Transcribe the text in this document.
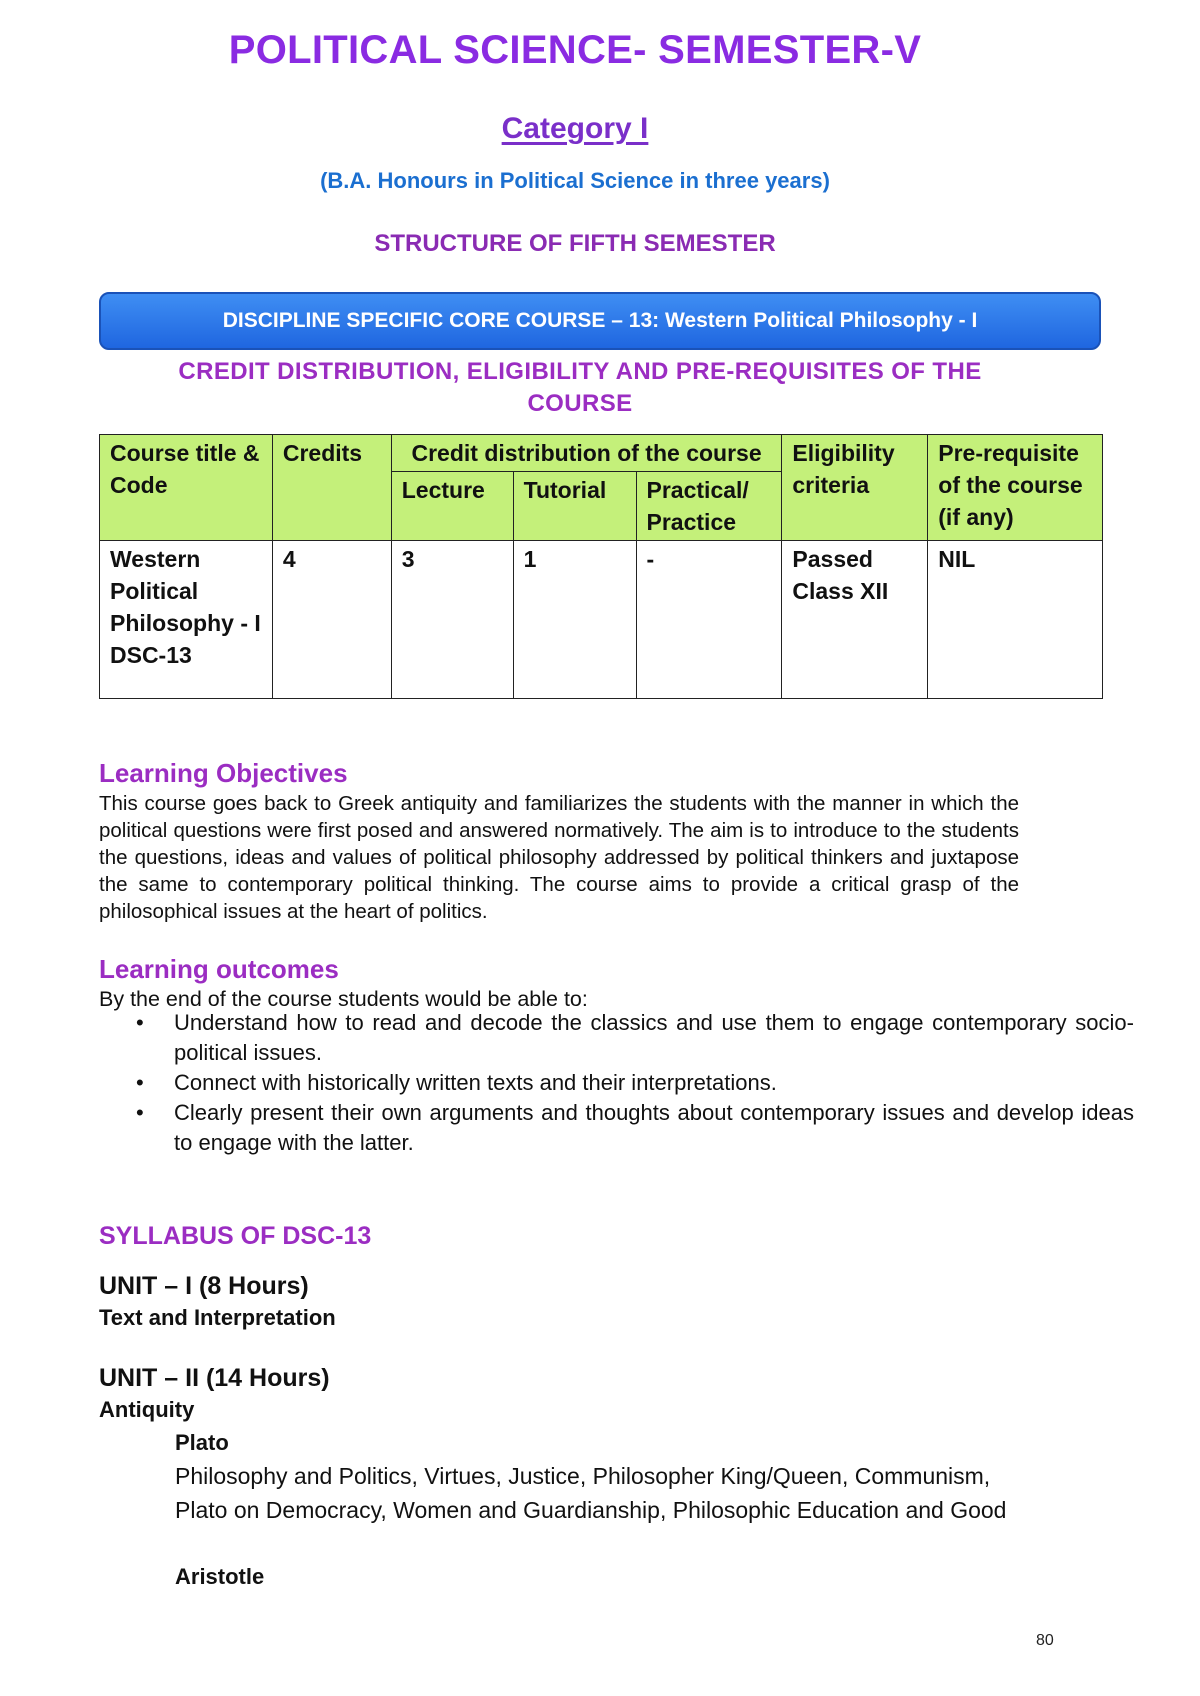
POLITICAL SCIENCE- SEMESTER-V
Category I
(B.A. Honours in Political Science in three years)
STRUCTURE OF FIFTH SEMESTER
DISCIPLINE SPECIFIC CORE COURSE – 13: Western Political Philosophy - I
CREDIT DISTRIBUTION, ELIGIBILITY AND PRE-REQUISITES OF THE
COURSE
Course title & Code	Credits	Credit distribution of the course			Eligibility criteria	Pre-requisite of the course (if any)
		Lecture	Tutorial	Practical/ Practice		

Western Political Philosophy - I
DSC-13	4	3	1	-	Passed Class XII	NIL
Learning Objectives
This course goes back to Greek antiquity and familiarizes the students with the manner in which the political questions were first posed and answered normatively. The aim is to introduce to the students the questions, ideas and values of political philosophy addressed by political thinkers and juxtapose the same to contemporary political thinking. The course aims to provide a critical grasp of the philosophical issues at the heart of politics.
Learning outcomes
By the end of the course students would be able to:
• Understand how to read and decode the classics and use them to engage contemporary socio-political issues.
• Connect with historically written texts and their interpretations.
• Clearly present their own arguments and thoughts about contemporary issues and develop ideas to engage with the latter.
SYLLABUS OF DSC-13
UNIT – I (8 Hours)
Text and Interpretation
UNIT – II (14 Hours)
Antiquity
Plato
Philosophy and Politics, Virtues, Justice, Philosopher King/Queen, Communism, Plato on Democracy, Women and Guardianship, Philosophic Education and Good
Aristotle
80
